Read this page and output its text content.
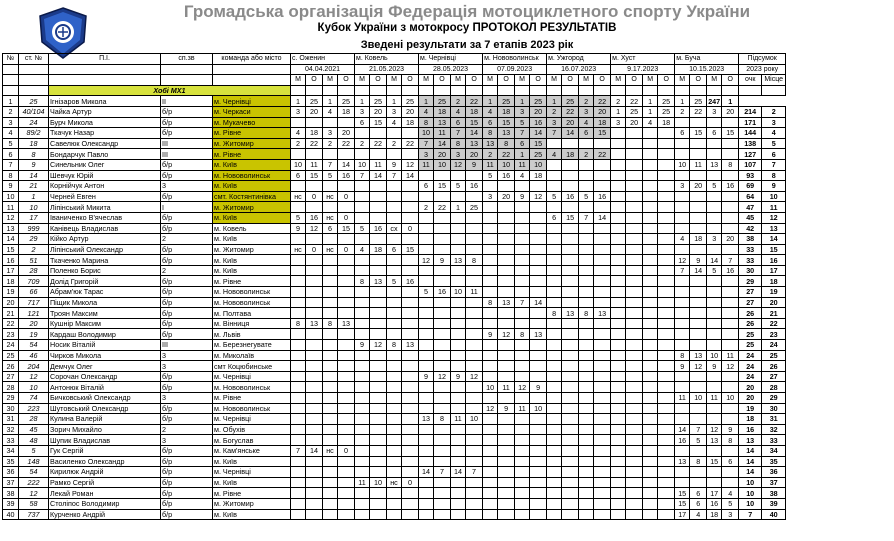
Громадська організація Федерація мотоциклетного спорту України
Кубок України з мотокросу ПРОТОКОЛ РЕЗУЛЬТАТІВ
Зведені результати за 7 етапів 2023 рік
№	ст. №	П.І.	сп.зв	команда або місто	с. Оженин				м. Ковель				м. Чернівці				м. Нововолинськ				м. Ужгород				м. Хуст				м. Буча				Підсумок	
					04.04.2021				21.05.2023				28.05.2023				07.09.2023				16.07.2023				9.17.2023				10.15.2023				2023 року	
					М	О	М	О	М	О	М	О	М	О	М	О	М	О	М	О	М	О	М	О	М	О	М	О	М	О	М	О	очк	Місце
		Хобі МХ1																																
1	25	Ігнізаров Микола	ІІ	м. Чернівці	1	25	1	25	1	25	1	25	1	25	2	22	1	25	1	25	1	25	2	22	2	22	1	25	1	25	247	1		
2	40/104	Чайка Артур	б/р	м. Черкаси	3	20	4	18	3	20	3	20	4	18	4	18	4	18	3	20	2	22	3	20	1	25	1	25	2	22	3	20	214	2
3	24	Бурч Микола	б/р	м. Мукачево					6	15	4	18	8	13	6	15	6	15	5	16	3	20	4	18	3	20	4	18					171	3
4	89/2	Ткачук Назар	б/р	м. Рівне	4	18	3	20					10	11	7	14	8	13	7	14	7	14	6	15					6	15	6	15	144	4
5	18	Савелюк Олександр	ІІІ	м. Житомир	2	22	2	22	2	22	2	22	7	14	8	13	13	8	6	15													138	5
6	8	Бондарчук Павло	ІІІ	м. Рівне									3	20	3	20	2	22	1	25	4	18	2	22									127	6
7	9	Синельник Олег	б/р	м. Київ	10	11	7	14	10	11	9	12	11	10	12	9	11	10	11	10									10	11	13	8	107	7
8	14	Шевчук Юрій	б/р	м. Нововолинськ	6	15	5	16	7	14	7	14					5	16	4	18													93	8
9	21	Корнійчук Антон	3	м. Київ									6	15	5	16													3	20	5	16	69	9
10	1	Черней Евген	б/р	смт. Костянтинівка	нс	0	нс	0									3	20	9	12	5	16	5	16									64	10
11	10	Ліпінський Микита	І	м. Житомир									2	22	1	25																	47	11
12	17	Іваниченко В'ячеслав	б/р	м. Київ	5	16	нс	0													6	15	7	14									45	12
13	999	Канівець Владислав	б/р	м. Ковель	9	12	6	15	5	16	сх	0																					42	13
14	29	Кійко Артур	2	м. Київ																									4	18	3	20	38	14
15	2	Ліпінський Олександр	б/р	м. Житомир	нс	0	нс	0	4	18	6	15																					33	15
16	51	Ткаченко Марина	б/р	м. Київ									12	9	13	8													12	9	14	7	33	16
17	28	Поленко Борис	2	м. Київ																									7	14	5	16	30	17
18	709	Долід Григорій	б/р	м. Рівне					8	13	5	16																					29	18
19	66	Абрам'юк Тарас	б/р	м. Нововолинськ									5	16	10	11																	27	19
20	717	Піщик Микола	б/р	м. Нововолинськ													8	13	7	14													27	20
21	121	Троян Максим	б/р	м. Полтава																	8	13	8	13									26	21
22	20	Кушнір Максим	б/р	м. Вінниця	8	13	8	13																									26	22
23	19	Кардаш Володимир	б/р	м. Львів													9	12	8	13													25	23
24	54	Носик Віталій	ІІІ	м. Березнегувате					9	12	8	13																					25	24
25	46	Чирков Микола	3	м. Миколаїв																									8	13	10	11	24	25
26	204	Демчук Олег	3	смт Коцюбинське																									9	12	9	12	24	26
27	12	Сорочан Олександр	б/р	м. Чернівці									9	12	9	12																	24	27
28	10	Антонюк Віталій	б/р	м. Нововолинськ													10	11	12	9													20	28
29	74	Бичковський Олександр	3	м. Рівне																									11	10	11	10	20	29
30	223	Шутовський Олександр	б/р	м. Нововолинськ													12	9	11	10													19	30
31	28	Кулина Валерій	б/р	м. Чернівці									13	8	11	10																	18	31
32	45	Зорич Михайло	2	м. Обухів																									14	7	12	9	16	32
33	48	Шупик Владислав	3	м. Богуслав																									16	5	13	8	13	33
34	5	Гук Сергій	б/р	м. Кам'янське	7	14	нс	0																									14	34
35	148	Василенко Олександр	б/р	м. Київ																									13	8	15	6	14	35
36	54	Кирилюк Андрій	б/р	м. Чернівці									14	7	14	7																	14	36
37	222	Рамко Сергій	б/р	м. Київ					11	10	нс	0																					10	37
38	12	Лекай Роман	б/р	м. Рівне																									15	6	17	4	10	38
39	58	Століпос Володимир	б/р	м. Житомир																									15	6	16	5	10	39
40	737	Курченко Андрій	б/р	м. Київ																									17	4	18	3	7	40
